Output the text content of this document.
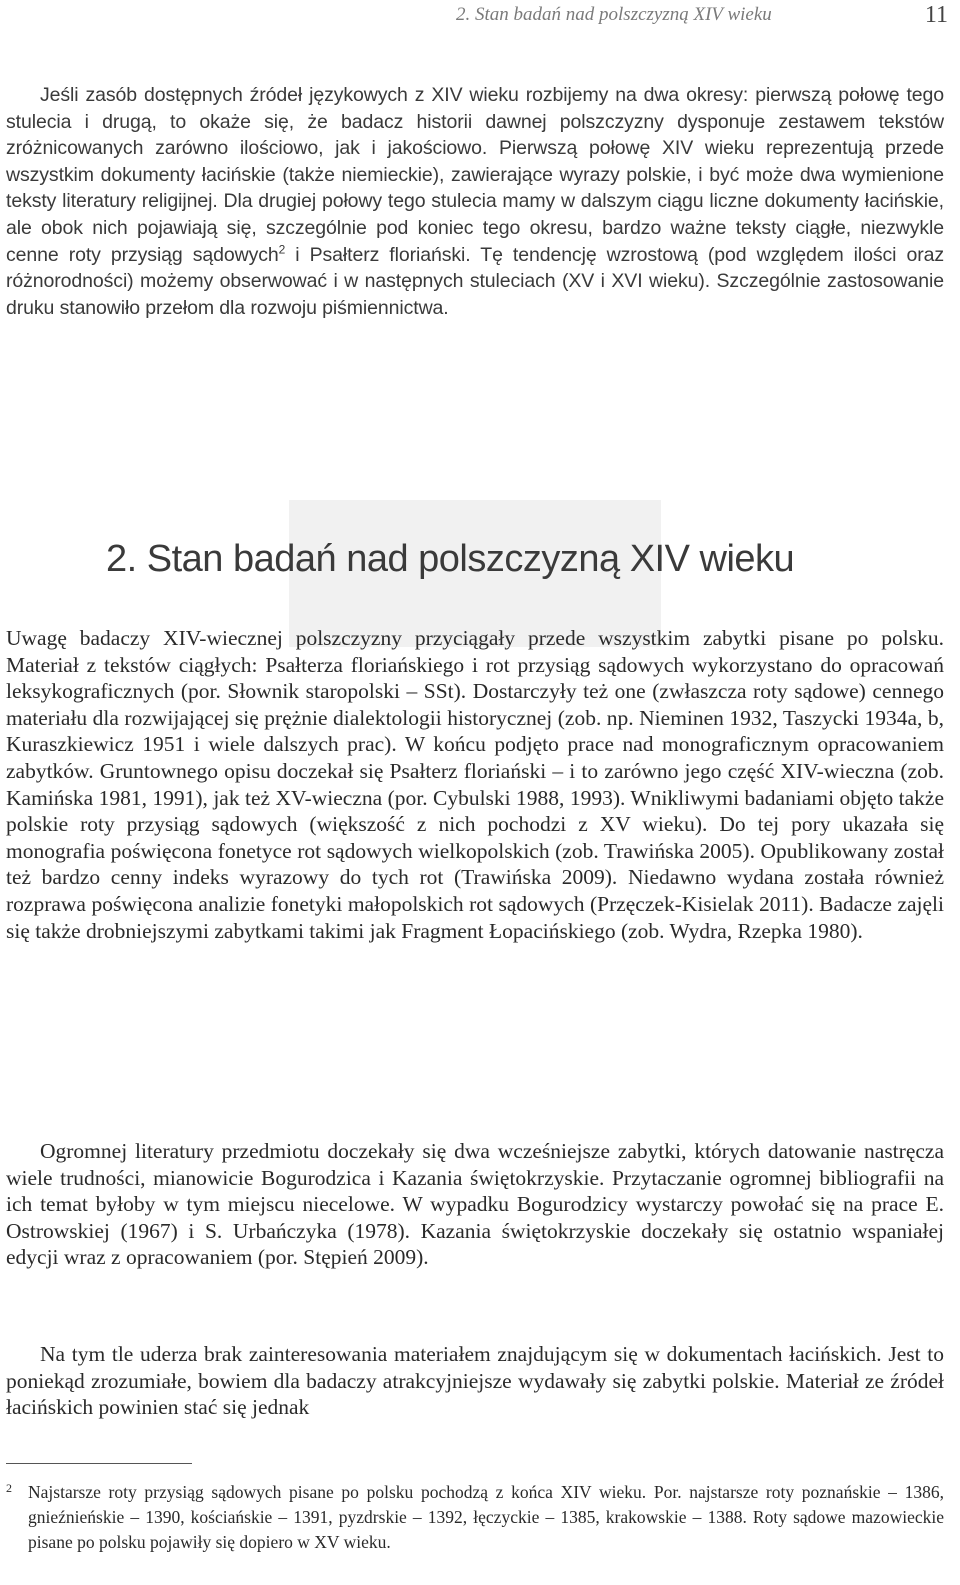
2. Stan badań nad polszczyzną XIV wieku	11

Jeśli zasób dostępnych źródeł językowych z XIV wieku rozbijemy na dwa okresy: pierwszą połowę tego stulecia i drugą, to okaże się, że badacz historii dawnej polszczyzny dysponuje zestawem tekstów zróżnicowanych zarówno ilościowo, jak i jakościowo. Pierwszą połowę XIV wieku reprezentują przede wszystkim dokumenty łacińskie (także niemieckie), zawierające wyrazy polskie, i być może dwa wymienione teksty literatury religijnej. Dla drugiej połowy tego stulecia mamy w dalszym ciągu liczne dokumenty łacińskie, ale obok nich pojawiają się, szczególnie pod koniec tego okresu, bardzo ważne teksty ciągłe, niezwykle cenne roty przysiąg sądowych$^2$ i Psałterz floriański. Tę tendencję wzrostową (pod względem ilości oraz różnorodności) możemy obserwować i w następnych stuleciach (XV i XVI wieku). Szczególnie zastosowanie druku stanowiło przełom dla rozwoju piśmiennictwa.

2. Stan badań nad polszczyzną XIV wieku

Uwagę badaczy XIV-wiecznej polszczyzny przyciągały przede wszystkim zabytki pisane po polsku. Materiał z tekstów ciągłych: Psałterza floriańskiego i rot przysiąg sądowych wykorzystano do opracowań leksykograficznych (por. Słownik staropolski – SSt). Dostarczyły też one (zwłaszcza roty sądowe) cennego materiału dla rozwijającej się prężnie dialektologii historycznej (zob. np. Nieminen 1932, Taszycki 1934a, b, Kuraszkiewicz 1951 i wiele dalszych prac). W końcu podjęto prace nad monograficznym opracowaniem zabytków. Gruntownego opisu doczekał się Psałterz floriański – i to zarówno jego część XIV-wieczna (zob. Kamińska 1981, 1991), jak też XV-wieczna (por. Cybulski 1988, 1993). Wnikliwymi badaniami objęto także polskie roty przysiąg sądowych (większość z nich pochodzi z XV wieku). Do tej pory ukazała się monografia poświęcona fonetyce rot sądowych wielkopolskich (zob. Trawińska 2005). Opublikowany został też bardzo cenny indeks wyrazowy do tych rot (Trawińska 2009). Niedawno wydana została również rozprawa poświęcona analizie fonetyki małopolskich rot sądowych (Przęczek-Kisielak 2011). Badacze zajęli się także drobniejszymi zabytkami takimi jak Fragment Łopacińskiego (zob. Wydra, Rzepka 1980).

Ogromnej literatury przedmiotu doczekały się dwa wcześniejsze zabytki, których datowanie nastręcza wiele trudności, mianowicie Bogurodzica i Kazania świętokrzyskie. Przytaczanie ogromnej bibliografii na ich temat byłoby w tym miejscu niecelowe. W wypadku Bogurodzicy wystarczy powołać się na prace E. Ostrowskiej (1967) i S. Urbańczyka (1978). Kazania świętokrzyskie doczekały się ostatnio wspaniałej edycji wraz z opracowaniem (por. Stępień 2009).

Na tym tle uderza brak zainteresowania materiałem znajdującym się w dokumentach łacińskich. Jest to poniekąd zrozumiałe, bowiem dla badaczy atrakcyjniejsze wydawały się zabytki polskie. Materiał ze źródeł łacińskich powinien stać się jednak

2 Najstarsze roty przysiąg sądowych pisane po polsku pochodzą z końca XIV wieku. Por. najstarsze roty poznańskie – 1386, gnieźnieńskie – 1390, kościańskie – 1391, pyzdrskie – 1392, łęczyckie – 1385, krakowskie – 1388. Roty sądowe mazowieckie pisane po polsku pojawiły się dopiero w XV wieku.
